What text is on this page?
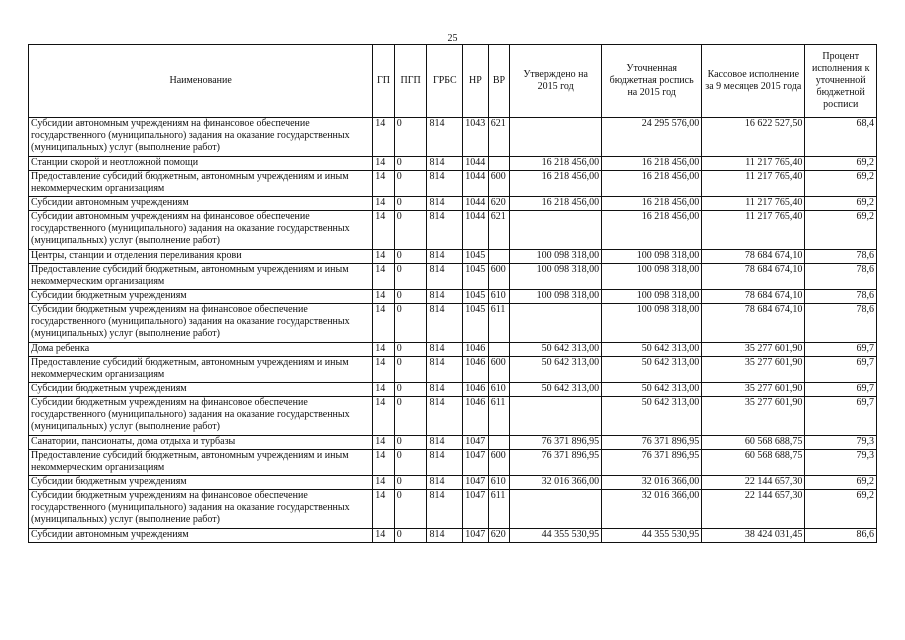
25
Наименование	ГП	ПГП	ГРБС	НР	ВР	Утверждено на 2015 год	Уточненная бюджетная роспись на 2015 год	Кассовое исполнение за 9 месяцев 2015 года	Процент исполнения к уточненной бюджетной росписи
Субсидии автономным учреждениям на финансовое обеспечение государственного (муниципального) задания на оказание государственных (муниципальных) услуг (выполнение работ)	14	0	814	1043	621		24 295 576,00	16 622 527,50	68,4
Станции скорой и неотложной помощи	14	0	814	1044		16 218 456,00	16 218 456,00	11 217 765,40	69,2
Предоставление субсидий бюджетным, автономным учреждениям и иным некоммерческим организациям	14	0	814	1044	600	16 218 456,00	16 218 456,00	11 217 765,40	69,2
Субсидии автономным учреждениям	14	0	814	1044	620	16 218 456,00	16 218 456,00	11 217 765,40	69,2
Субсидии автономным учреждениям на финансовое обеспечение государственного (муниципального) задания на оказание государственных (муниципальных) услуг (выполнение работ)	14	0	814	1044	621		16 218 456,00	11 217 765,40	69,2
Центры, станции и отделения переливания крови	14	0	814	1045		100 098 318,00	100 098 318,00	78 684 674,10	78,6
Предоставление субсидий бюджетным, автономным учреждениям и иным некоммерческим организациям	14	0	814	1045	600	100 098 318,00	100 098 318,00	78 684 674,10	78,6
Субсидии бюджетным учреждениям	14	0	814	1045	610	100 098 318,00	100 098 318,00	78 684 674,10	78,6
Субсидии бюджетным учреждениям на финансовое обеспечение государственного (муниципального) задания на оказание государственных (муниципальных) услуг (выполнение работ)	14	0	814	1045	611		100 098 318,00	78 684 674,10	78,6
Дома ребенка	14	0	814	1046		50 642 313,00	50 642 313,00	35 277 601,90	69,7
Предоставление субсидий бюджетным, автономным учреждениям и иным некоммерческим организациям	14	0	814	1046	600	50 642 313,00	50 642 313,00	35 277 601,90	69,7
Субсидии бюджетным учреждениям	14	0	814	1046	610	50 642 313,00	50 642 313,00	35 277 601,90	69,7
Субсидии бюджетным учреждениям на финансовое обеспечение государственного (муниципального) задания на оказание государственных (муниципальных) услуг (выполнение работ)	14	0	814	1046	611		50 642 313,00	35 277 601,90	69,7
Санатории, пансионаты, дома отдыха и турбазы	14	0	814	1047		76 371 896,95	76 371 896,95	60 568 688,75	79,3
Предоставление субсидий бюджетным, автономным учреждениям и иным некоммерческим организациям	14	0	814	1047	600	76 371 896,95	76 371 896,95	60 568 688,75	79,3
Субсидии бюджетным учреждениям	14	0	814	1047	610	32 016 366,00	32 016 366,00	22 144 657,30	69,2
Субсидии бюджетным учреждениям на финансовое обеспечение государственного (муниципального) задания на оказание государственных (муниципальных) услуг (выполнение работ)	14	0	814	1047	611		32 016 366,00	22 144 657,30	69,2
Субсидии автономным учреждениям	14	0	814	1047	620	44 355 530,95	44 355 530,95	38 424 031,45	86,6
